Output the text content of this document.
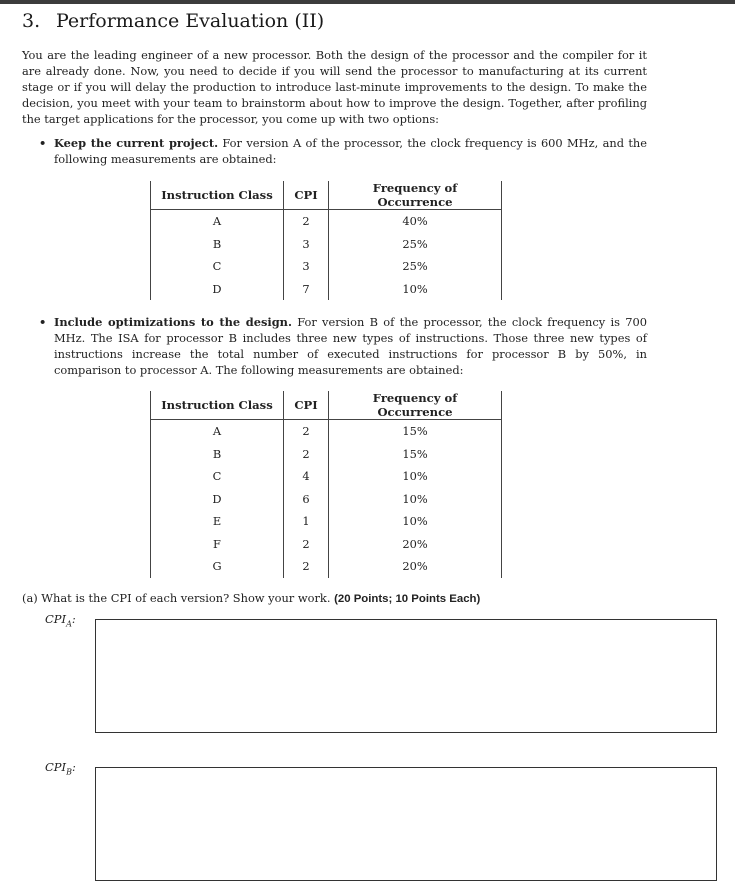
3. Performance Evaluation (II)
You are the leading engineer of a new processor. Both the design of the processor and the compiler for it are already done. Now, you need to decide if you will send the processor to manufacturing at its current stage or if you will delay the production to introduce last-minute improvements to the design. To make the decision, you meet with your team to brainstorm about how to improve the design. Together, after profiling the target applications for the processor, you come up with two options:
• Keep the current project. For version A of the processor, the clock frequency is 600 MHz, and the following measurements are obtained:
Instruction Class	CPI	Frequency of Occurrence
A	2	40%
B	3	25%
C	3	25%
D	7	10%
• Include optimizations to the design. For version B of the processor, the clock frequency is 700 MHz. The ISA for processor B includes three new types of instructions. Those three new types of instructions increase the total number of executed instructions for processor B by 50%, in comparison to processor A. The following measurements are obtained:
Instruction Class	CPI	Frequency of Occurrence
A	2	15%
B	2	15%
C	4	10%
D	6	10%
E	1	10%
F	2	20%
G	2	20%
(a) What is the CPI of each version? Show your work. (20 Points; 10 Points Each)
$CPI_A$:
$CPI_B$:
